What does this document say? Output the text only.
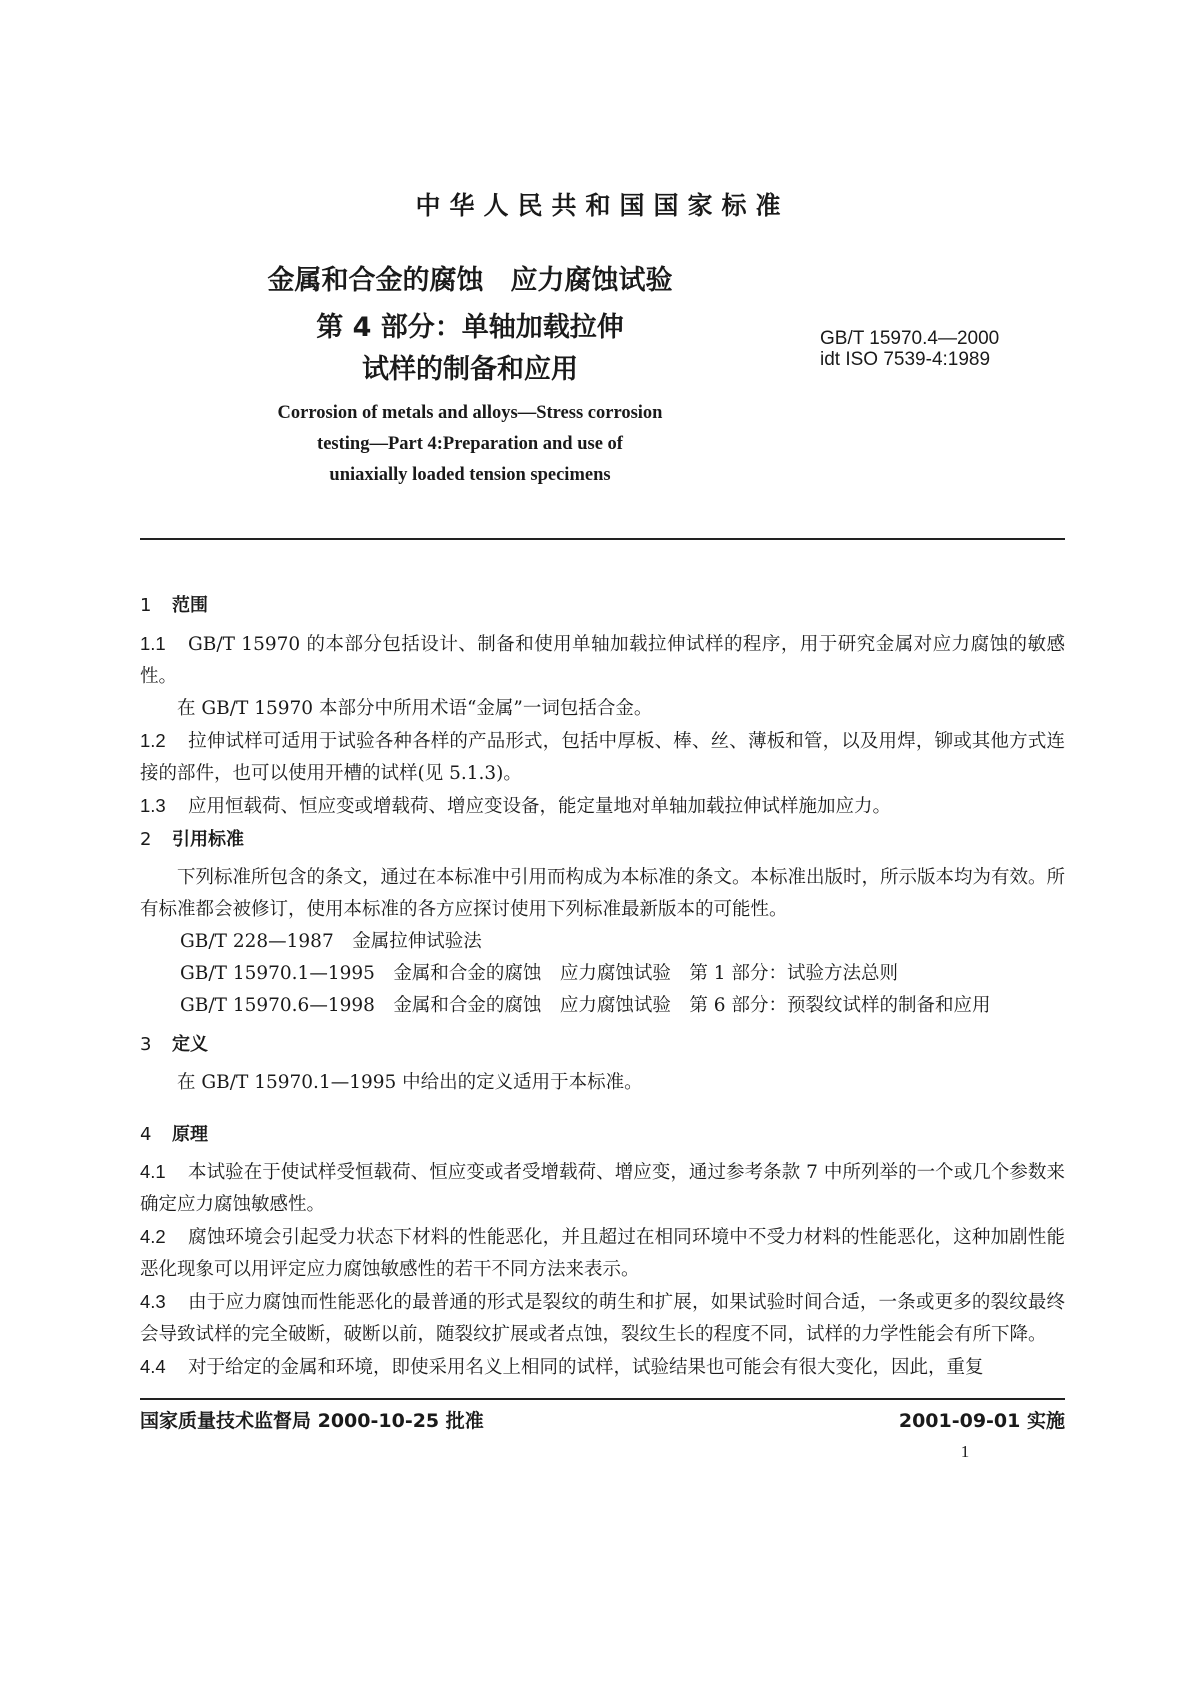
中华人民共和国国家标准
金属和合金的腐蚀　应力腐蚀试验
第 4 部分：单轴加载拉伸
试样的制备和应用
GB/T 15970.4—2000
idt ISO 7539-4:1989
Corrosion of metals and alloys—Stress corrosion
testing—Part 4:Preparation and use of
uniaxially loaded tension specimens
1 范围

1.1 GB/T 15970 的本部分包括设计、制备和使用单轴加载拉伸试样的程序，用于研究金属对应力腐蚀的敏感性。

在 GB/T 15970 本部分中所用术语“金属”一词包括合金。

1.2 拉伸试样可适用于试验各种各样的产品形式，包括中厚板、棒、丝、薄板和管，以及用焊，铆或其他方式连接的部件，也可以使用开槽的试样(见 5.1.3)。

1.3 应用恒载荷、恒应变或增载荷、增应变设备，能定量地对单轴加载拉伸试样施加应力。

2 引用标准

下列标准所包含的条文，通过在本标准中引用而构成为本标准的条文。本标准出版时，所示版本均为有效。所有标准都会被修订，使用本标准的各方应探讨使用下列标准最新版本的可能性。

GB/T 228—1987　金属拉伸试验法

GB/T 15970.1—1995　金属和合金的腐蚀　应力腐蚀试验　第 1 部分：试验方法总则

GB/T 15970.6—1998　金属和合金的腐蚀　应力腐蚀试验　第 6 部分：预裂纹试样的制备和应用

3 定义

在 GB/T 15970.1—1995 中给出的定义适用于本标准。

4 原理

4.1 本试验在于使试样受恒载荷、恒应变或者受增载荷、增应变，通过参考条款 7 中所列举的一个或几个参数来确定应力腐蚀敏感性。

4.2 腐蚀环境会引起受力状态下材料的性能恶化，并且超过在相同环境中不受力材料的性能恶化，这种加剧性能恶化现象可以用评定应力腐蚀敏感性的若干不同方法来表示。

4.3 由于应力腐蚀而性能恶化的最普通的形式是裂纹的萌生和扩展，如果试验时间合适，一条或更多的裂纹最终会导致试样的完全破断，破断以前，随裂纹扩展或者点蚀，裂纹生长的程度不同，试样的力学性能会有所下降。

4.4 对于给定的金属和环境，即使采用名义上相同的试样，试验结果也可能会有很大变化，因此，重复

国家质量技术监督局 2000-10-25 批准	2001-09-01 实施
1
